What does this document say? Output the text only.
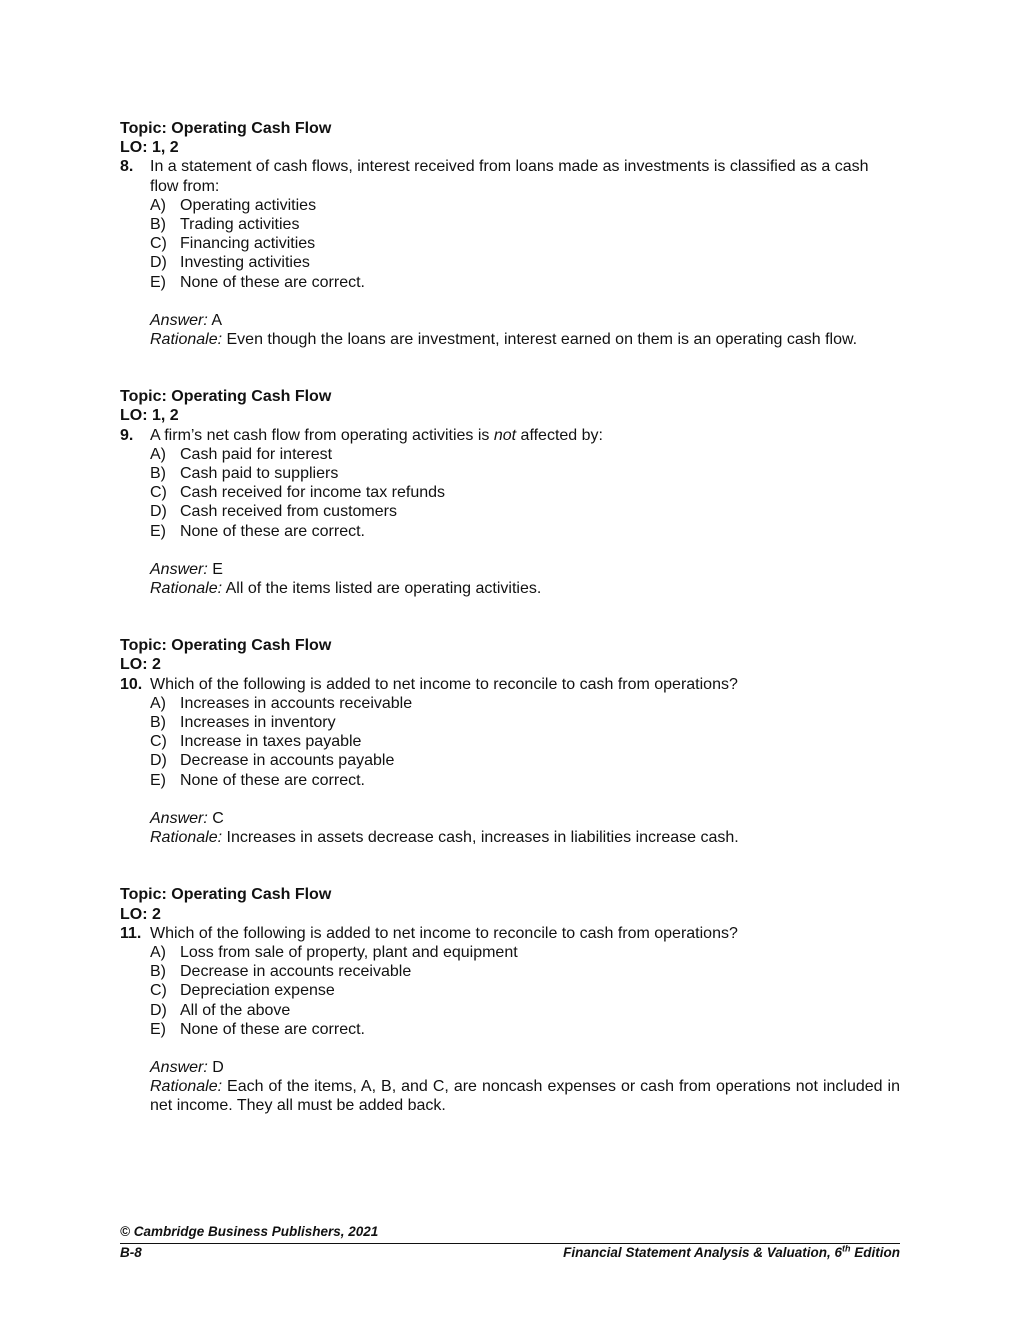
Topic: Operating Cash Flow
LO: 1, 2
8.	In a statement of cash flows, interest received from loans made as investments is classified as a cash flow from:
A) Operating activities
B) Trading activities
C) Financing activities
D) Investing activities
E) None of these are correct.
Answer: A
Rationale: Even though the loans are investment, interest earned on them is an operating cash flow.
Topic: Operating Cash Flow
LO: 1, 2
9.	A firm’s net cash flow from operating activities is not affected by:
A) Cash paid for interest
B) Cash paid to suppliers
C) Cash received for income tax refunds
D) Cash received from customers
E) None of these are correct.
Answer: E
Rationale: All of the items listed are operating activities.
Topic: Operating Cash Flow
LO: 2
10. Which of the following is added to net income to reconcile to cash from operations?
A) Increases in accounts receivable
B) Increases in inventory
C) Increase in taxes payable
D) Decrease in accounts payable
E) None of these are correct.
Answer: C
Rationale: Increases in assets decrease cash, increases in liabilities increase cash.
Topic: Operating Cash Flow
LO: 2
11. Which of the following is added to net income to reconcile to cash from operations?
A) Loss from sale of property, plant and equipment
B) Decrease in accounts receivable
C) Depreciation expense
D) All of the above
E) None of these are correct.
Answer: D
Rationale: Each of the items, A, B, and C, are noncash expenses or cash from operations not included in net income. They all must be added back.
© Cambridge Business Publishers, 2021
B-8	Financial Statement Analysis & Valuation, 6th Edition
